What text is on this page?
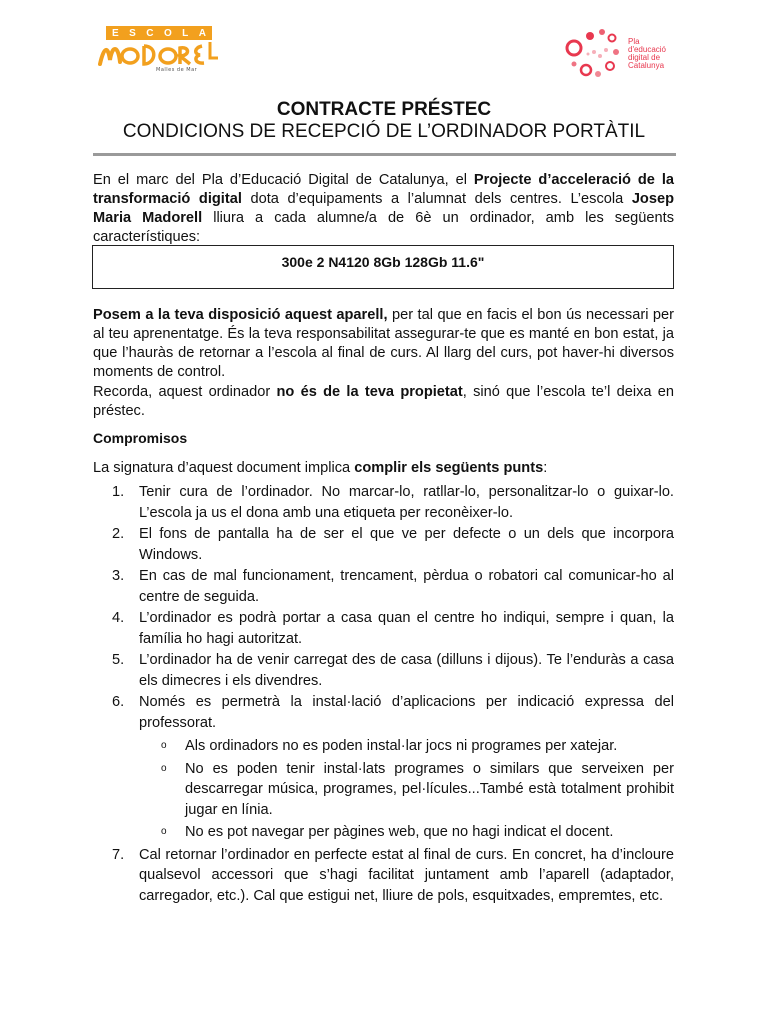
E S C O L A
Malles de Mar
Pla
d'educació
digital de
Catalunya
CONTRACTE PRÉSTEC
CONDICIONS DE RECEPCIÓ DE L’ORDINADOR PORTÀTIL
En el marc del Pla d’Educació Digital de Catalunya, el Projecte d’acceleració de la transformació digital dota d’equipaments a l’alumnat dels centres. L’escola Josep Maria Madorell lliura a cada alumne/a de 6è un ordinador, amb les següents característiques:
300e 2 N4120 8Gb 128Gb 11.6"
Posem a la teva disposició aquest aparell, per tal que en facis el bon ús necessari per al teu aprenentatge. És la teva responsabilitat assegurar-te que es manté en bon estat, ja que l’hauràs de retornar a l’escola al final de curs. Al llarg del curs, pot haver-hi diversos moments de control.
Recorda, aquest ordinador no és de la teva propietat, sinó que l’escola te’l deixa en préstec.
Compromisos
La signatura d’aquest document implica complir els següents punts:
1. Tenir cura de l’ordinador. No marcar-lo, ratllar-lo, personalitzar-lo o guixar-lo. L’escola ja us el dona amb una etiqueta per reconèixer-lo.
2. El fons de pantalla ha de ser el que ve per defecte o un dels que incorpora Windows.
3. En cas de mal funcionament, trencament, pèrdua o robatori cal comunicar-ho al centre de seguida.
4. L’ordinador es podrà portar a casa quan el centre ho indiqui, sempre i quan, la família ho hagi autoritzat.
5. L’ordinador ha de venir carregat des de casa (dilluns i dijous). Te l’enduràs a casa els dimecres i els divendres.
6. Només es permetrà la instal·lació d’aplicacions per indicació expressa del professorat.
o	Als ordinadors no es poden instal·lar jocs ni programes per xatejar.
o	No es poden tenir instal·lats programes o similars que serveixen per descarregar música, programes, pel·lícules...També està totalment prohibit jugar en línia.
o	No es pot navegar per pàgines web, que no hagi indicat el docent.
7. Cal retornar l’ordinador en perfecte estat al final de curs. En concret, ha d’incloure qualsevol accessori que s’hagi facilitat juntament amb l’aparell (adaptador, carregador, etc.). Cal que estigui net, lliure de pols, esquitxades, empremtes, etc.
